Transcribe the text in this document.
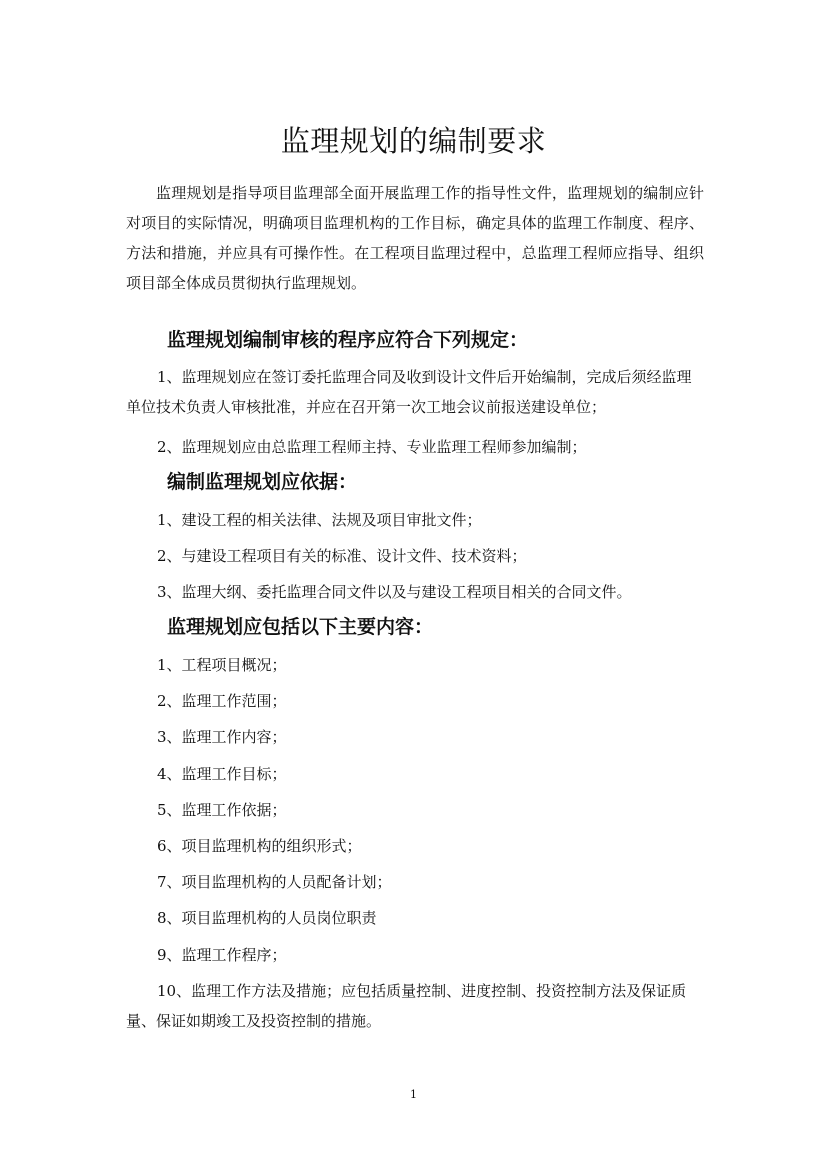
监理规划的编制要求

监理规划是指导项目监理部全面开展监理工作的指导性文件，监理规划的编制应针对项目的实际情况，明确项目监理机构的工作目标，确定具体的监理工作制度、程序、方法和措施，并应具有可操作性。在工程项目监理过程中，总监理工程师应指导、组织项目部全体成员贯彻执行监理规划。

监理规划编制审核的程序应符合下列规定：

1、监理规划应在签订委托监理合同及收到设计文件后开始编制，完成后须经监理单位技术负责人审核批准，并应在召开第一次工地会议前报送建设单位；

2、监理规划应由总监理工程师主持、专业监理工程师参加编制；

编制监理规划应依据：

1、建设工程的相关法律、法规及项目审批文件；

2、与建设工程项目有关的标准、设计文件、技术资料；

3、监理大纲、委托监理合同文件以及与建设工程项目相关的合同文件。

监理规划应包括以下主要内容：

1、工程项目概况；

2、监理工作范围；

3、监理工作内容；

4、监理工作目标；

5、监理工作依据；

6、项目监理机构的组织形式；

7、项目监理机构的人员配备计划；

8、项目监理机构的人员岗位职责

9、监理工作程序；

10、监理工作方法及措施；应包括质量控制、进度控制、投资控制方法及保证质量、保证如期竣工及投资控制的措施。

1
